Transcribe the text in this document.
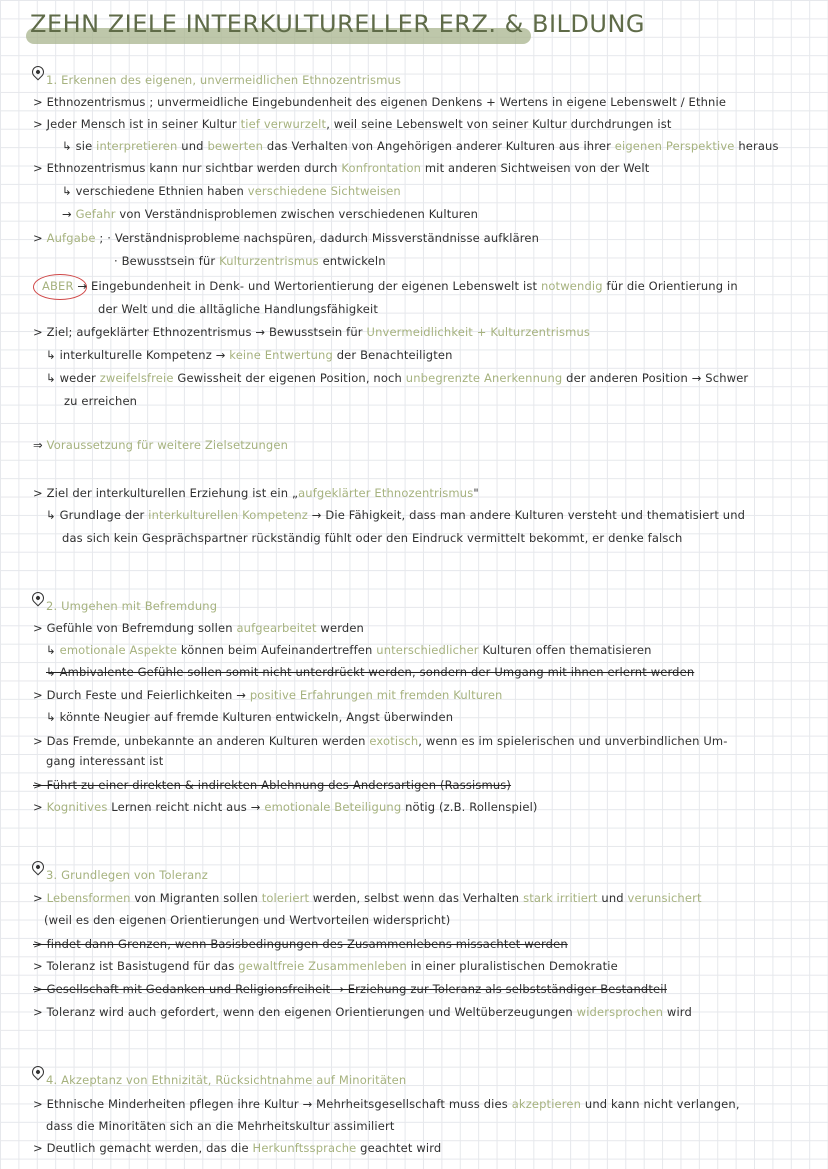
ZEHN ZIELE INTERKULTURELLER ERZ. & BILDUNG
1. Erkennen des eigenen, unvermeidlichen Ethnozentrismus
> Ethnozentrismus ; unvermeidliche Eingebundenheit des eigenen Denkens + Wertens in eigene Lebenswelt / Ethnie
> Jeder Mensch ist in seiner Kultur tief verwurzelt, weil seine Lebenswelt von seiner Kultur durchdrungen ist
↳ sie interpretieren und bewerten das Verhalten von Angehörigen anderer Kulturen aus ihrer eigenen Perspektive heraus
> Ethnozentrismus kann nur sichtbar werden durch Konfrontation mit anderen Sichtweisen von der Welt
↳ verschiedene Ethnien haben verschiedene Sichtweisen
→ Gefahr von Verständnisproblemen zwischen verschiedenen Kulturen
> Aufgabe ; · Verständnisprobleme nachspüren, dadurch Missverständnisse aufklären
· Bewusstsein für Kulturzentrismus entwickeln
ABER → Eingebundenheit in Denk- und Wertorientierung der eigenen Lebenswelt ist notwendig für die Orientierung in
der Welt und die alltägliche Handlungsfähigkeit
> Ziel; aufgeklärter Ethnozentrismus → Bewusstsein für Unvermeidlichkeit + Kulturzentrismus
↳ interkulturelle Kompetenz → keine Entwertung der Benachteiligten
↳ weder zweifelsfreie Gewissheit der eigenen Position, noch unbegrenzte Anerkennung der anderen Position → Schwer
zu erreichen
⇒ Voraussetzung für weitere Zielsetzungen
> Ziel der interkulturellen Erziehung ist ein „aufgeklärter Ethnozentrismus"
↳ Grundlage der interkulturellen Kompetenz → Die Fähigkeit, dass man andere Kulturen versteht und thematisiert und
das sich kein Gesprächspartner rückständig fühlt oder den Eindruck vermittelt bekommt, er denke falsch
2. Umgehen mit Befremdung
> Gefühle von Befremdung sollen aufgearbeitet werden
↳ emotionale Aspekte können beim Aufeinandertreffen unterschiedlicher Kulturen offen thematisieren
↳ Ambivalente Gefühle sollen somit nicht unterdrückt werden, sondern der Umgang mit ihnen erlernt werden
> Durch Feste und Feierlichkeiten → positive Erfahrungen mit fremden Kulturen
↳ könnte Neugier auf fremde Kulturen entwickeln, Angst überwinden
> Das Fremde, unbekannte an anderen Kulturen werden exotisch, wenn es im spielerischen und unverbindlichen Um-
gang interessant ist
> Führt zu einer direkten & indirekten Ablehnung des Andersartigen (Rassismus)
> Kognitives Lernen reicht nicht aus → emotionale Beteiligung nötig (z.B. Rollenspiel)
3. Grundlegen von Toleranz
> Lebensformen von Migranten sollen toleriert werden, selbst wenn das Verhalten stark irritiert und verunsichert
(weil es den eigenen Orientierungen und Wertvorteilen widerspricht)
> findet dann Grenzen, wenn Basisbedingungen des Zusammenlebens missachtet werden
> Toleranz ist Basistugend für das gewaltfreie Zusammenleben in einer pluralistischen Demokratie
> Gesellschaft mit Gedanken und Religionsfreiheit → Erziehung zur Toleranz als selbstständiger Bestandteil
> Toleranz wird auch gefordert, wenn den eigenen Orientierungen und Weltüberzeugungen widersprochen wird
4. Akzeptanz von Ethnizität, Rücksichtnahme auf Minoritäten
> Ethnische Minderheiten pflegen ihre Kultur → Mehrheitsgesellschaft muss dies akzeptieren und kann nicht verlangen,
dass die Minoritäten sich an die Mehrheitskultur assimiliert
> Deutlich gemacht werden, das die Herkunftssprache geachtet wird
